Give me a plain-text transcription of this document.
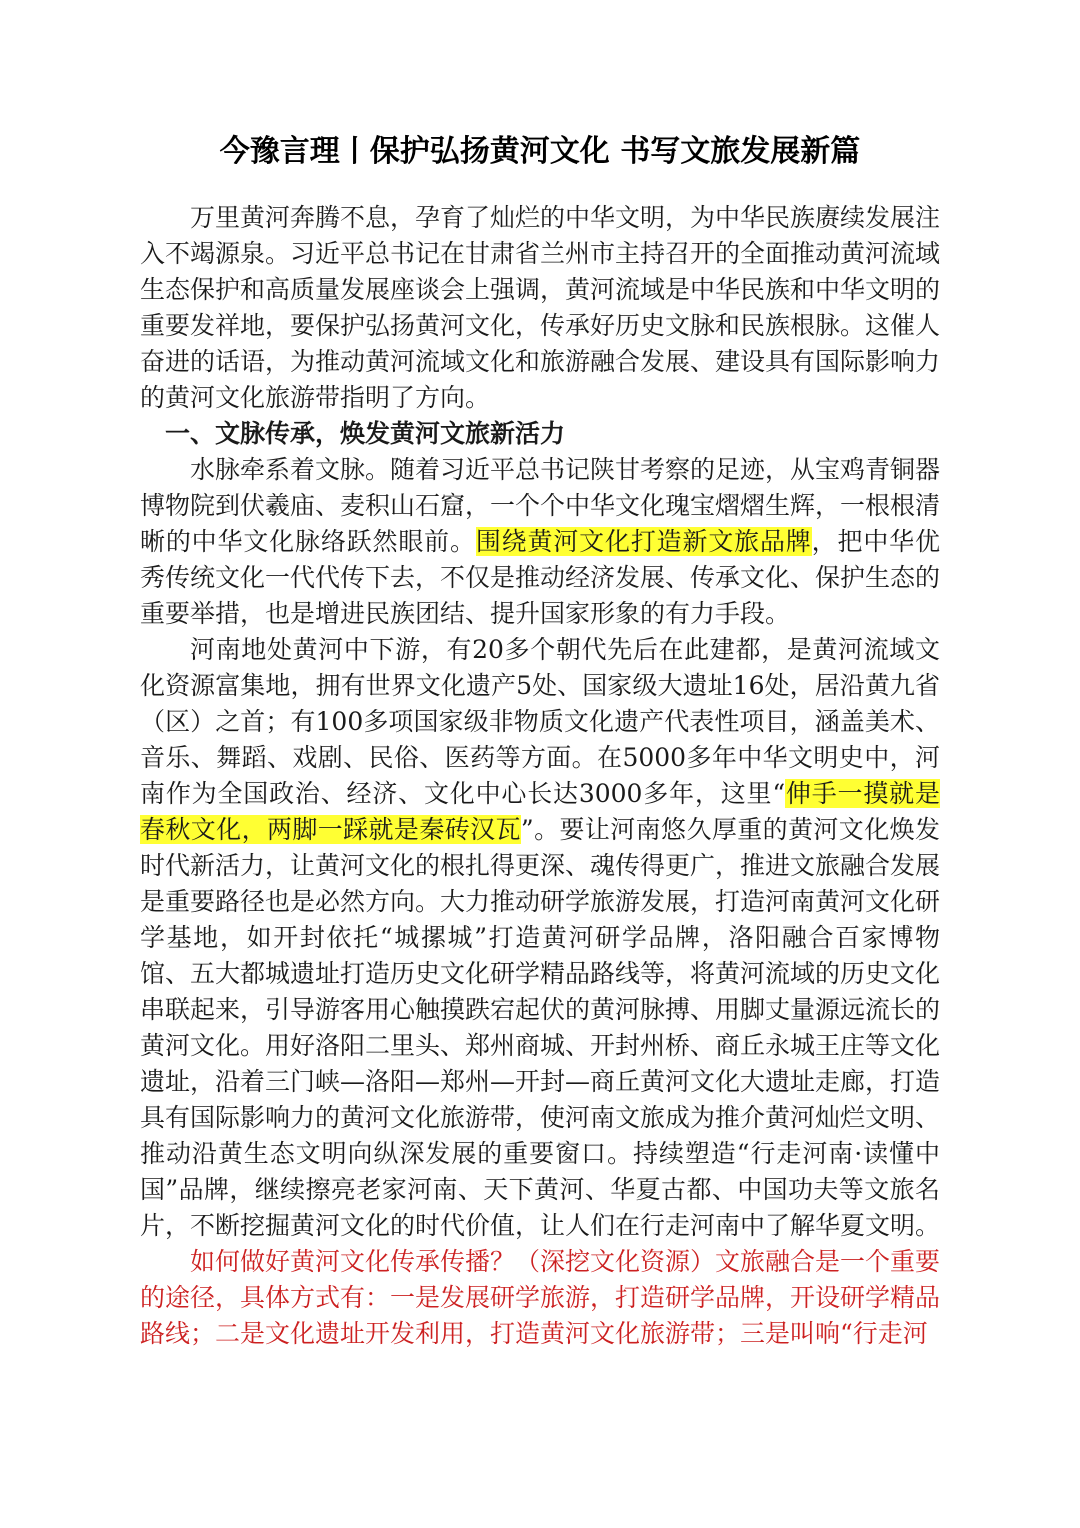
今豫言理丨保护弘扬黄河文化 书写文旅发展新篇

万里黄河奔腾不息，孕育了灿烂的中华文明，为中华民族赓续发展注入不竭源泉。习近平总书记在甘肃省兰州市主持召开的全面推动黄河流域生态保护和高质量发展座谈会上强调，黄河流域是中华民族和中华文明的重要发祥地，要保护弘扬黄河文化，传承好历史文脉和民族根脉。这催人奋进的话语，为推动黄河流域文化和旅游融合发展、建设具有国际影响力的黄河文化旅游带指明了方向。

一、文脉传承，焕发黄河文旅新活力

水脉牵系着文脉。随着习近平总书记陕甘考察的足迹，从宝鸡青铜器博物院到伏羲庙、麦积山石窟，一个个中华文化瑰宝熠熠生辉，一根根清晰的中华文化脉络跃然眼前。围绕黄河文化打造新文旅品牌，把中华优秀传统文化一代代传下去，不仅是推动经济发展、传承文化、保护生态的重要举措，也是增进民族团结、提升国家形象的有力手段。

河南地处黄河中下游，有20多个朝代先后在此建都，是黄河流域文化资源富集地，拥有世界文化遗产5处、国家级大遗址16处，居沿黄九省（区）之首；有100多项国家级非物质文化遗产代表性项目，涵盖美术、音乐、舞蹈、戏剧、民俗、医药等方面。在5000多年中华文明史中，河南作为全国政治、经济、文化中心长达3000多年，这里“伸手一摸就是春秋文化，两脚一踩就是秦砖汉瓦”。要让河南悠久厚重的黄河文化焕发时代新活力，让黄河文化的根扎得更深、魂传得更广，推进文旅融合发展是重要路径也是必然方向。大力推动研学旅游发展，打造河南黄河文化研学基地，如开封依托“城摞城”打造黄河研学品牌，洛阳融合百家博物馆、五大都城遗址打造历史文化研学精品路线等，将黄河流域的历史文化串联起来，引导游客用心触摸跌宕起伏的黄河脉搏、用脚丈量源远流长的黄河文化。用好洛阳二里头、郑州商城、开封州桥、商丘永城王庄等文化遗址，沿着三门峡—洛阳—郑州—开封—商丘黄河文化大遗址走廊，打造具有国际影响力的黄河文化旅游带，使河南文旅成为推介黄河灿烂文明、推动沿黄生态文明向纵深发展的重要窗口。持续塑造“行走河南·读懂中国”品牌，继续擦亮老家河南、天下黄河、华夏古都、中国功夫等文旅名片，不断挖掘黄河文化的时代价值，让人们在行走河南中了解华夏文明。

如何做好黄河文化传承传播？（深挖文化资源）文旅融合是一个重要的途径，具体方式有：一是发展研学旅游，打造研学品牌，开设研学精品路线；二是文化遗址开发利用，打造黄河文化旅游带；三是叫响“行走河
